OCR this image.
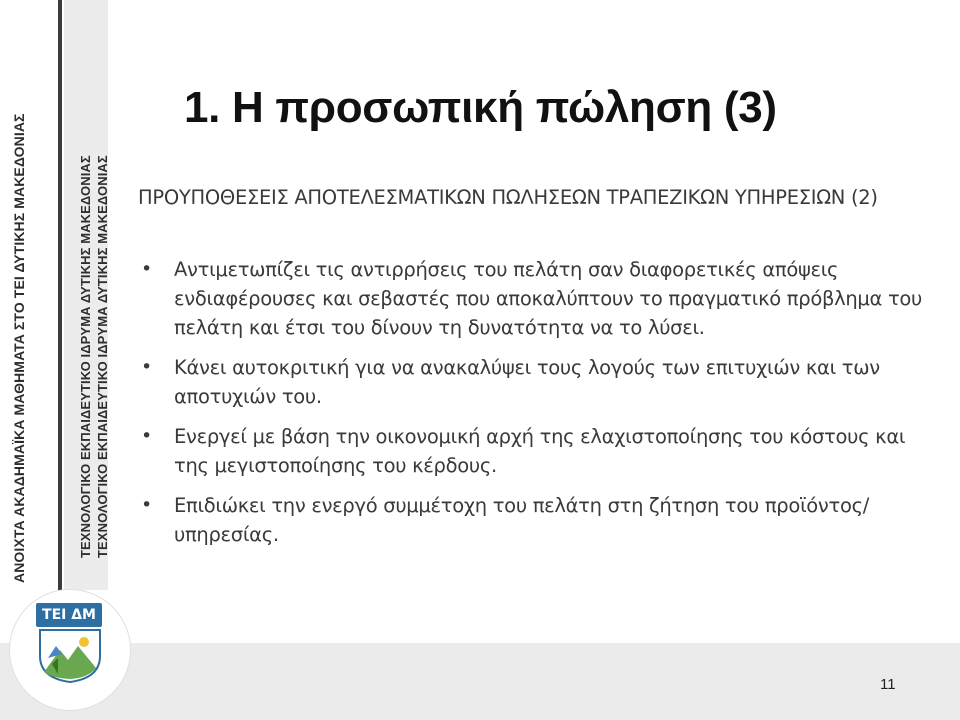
ΑΝΟΙΧΤΑ ΑΚΑΔΗΜΑΪΚΑ ΜΑΘΗΜΑΤΑ ΣΤΟ ΤΕΙ ΔΥΤΙΚΗΣ ΜΑΚΕΔΟΝΙΑΣ	ΤΕΧΝΟΛΟΓΙΚΟ ΕΚΠΑΙΔΕΥΤΙΚΟ ΙΔΡΥΜΑ ΔΥΤΙΚΗΣ ΜΑΚΕΔΟΝΙΑΣ ΤΕΧΝΟΛΟΓΙΚΟ ΕΚΠΑΙΔΕΥΤΙΚΟ ΙΔΡΥΜΑ ΔΥΤΙΚΗΣ ΜΑΚΕΔΟΝΙΑΣ
ΤΕΙ ΔΜ
1. Η προσωπική πώληση (3)
ΠΡΟΥΠΟΘΕΣΕΙΣ ΑΠΟΤΕΛΕΣΜΑΤΙΚΩΝ ΠΩΛΗΣΕΩΝ ΤΡΑΠΕΖΙΚΩΝ ΥΠΗΡΕΣΙΩΝ (2)
• Αντιμετωπίζει τις αντιρρήσεις του πελάτη σαν διαφορετικές απόψεις ενδιαφέρουσες και σεβαστές που αποκαλύπτουν το πραγματικό πρόβλημα του πελάτη και έτσι του δίνουν τη δυνατότητα να το λύσει.
• Κάνει αυτοκριτική για να ανακαλύψει τους λογούς των επιτυχιών και των αποτυχιών του.
• Ενεργεί με βάση την οικονομική αρχή της ελαχιστοποίησης του κόστους και της μεγιστοποίησης του κέρδους.
• Επιδιώκει την ενεργό συμμέτοχη του πελάτη στη ζήτηση του προϊόντος/υπηρεσίας.
11
